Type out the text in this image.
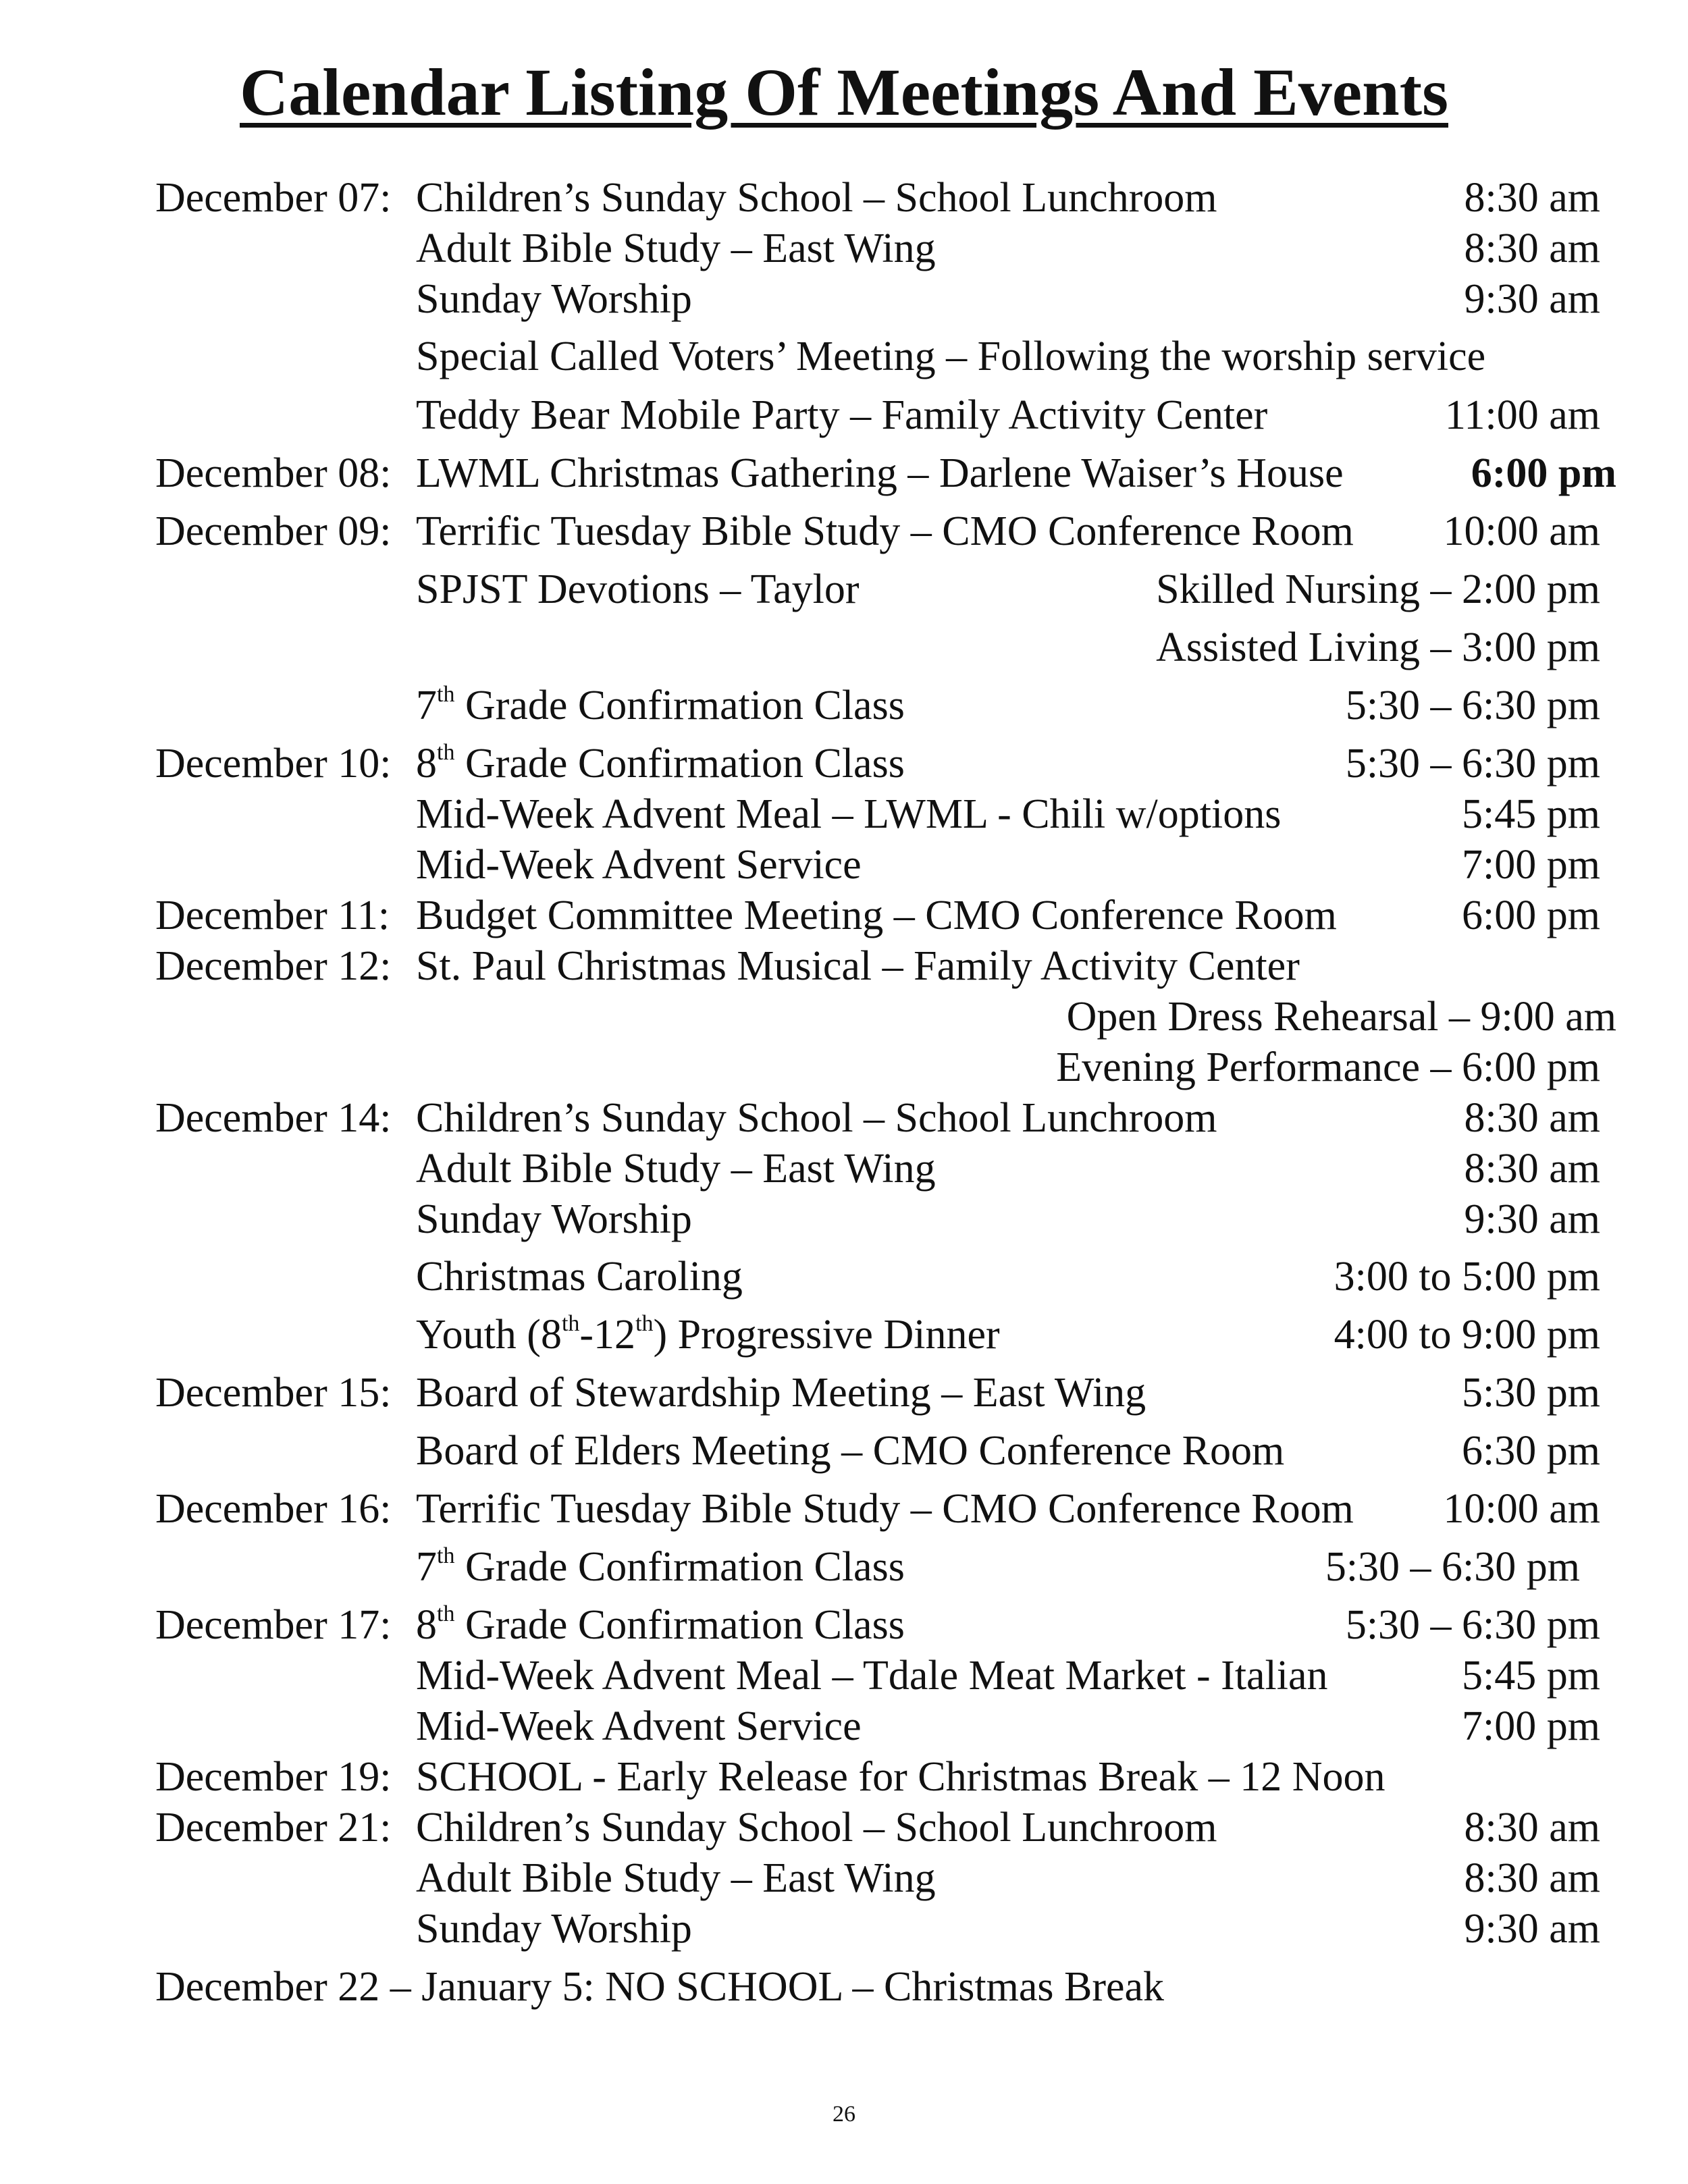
Calendar Listing Of Meetings And Events
December 07: Children’s Sunday School – School Lunchroom	8:30 am
Adult Bible Study – East Wing	8:30 am
Sunday Worship	9:30 am
Special Called Voters’ Meeting – Following the worship service
Teddy Bear Mobile Party – Family Activity Center	11:00 am
December 08: LWML Christmas Gathering – Darlene Waiser’s House	6:00 pm
December 09: Terrific Tuesday Bible Study – CMO Conference Room 10:00 am
SPJST Devotions – Taylor	Skilled Nursing – 2:00 pm
Assisted Living – 3:00 pm
7th Grade Confirmation Class	5:30 – 6:30 pm
December 10: 8th Grade Confirmation Class	5:30 – 6:30 pm
Mid-Week Advent Meal – LWML - Chili w/options	5:45 pm
Mid-Week Advent Service	7:00 pm
December 11: Budget Committee Meeting – CMO Conference Room	6:00 pm
December 12: St. Paul Christmas Musical – Family Activity Center
Open Dress Rehearsal – 9:00 am
Evening Performance – 6:00 pm
December 14: Children’s Sunday School – School Lunchroom	8:30 am
Adult Bible Study – East Wing	8:30 am
Sunday Worship	9:30 am
Christmas Caroling	3:00 to 5:00 pm
Youth (8th-12th) Progressive Dinner	4:00 to 9:00 pm
December 15: Board of Stewardship Meeting – East Wing	5:30 pm
Board of Elders Meeting – CMO Conference Room	6:30 pm
December 16: Terrific Tuesday Bible Study – CMO Conference Room 10:00 am
7th Grade Confirmation Class	5:30 – 6:30 pm
December 17: 8th Grade Confirmation Class	5:30 – 6:30 pm
Mid-Week Advent Meal – Tdale Meat Market - Italian	5:45 pm
Mid-Week Advent Service	7:00 pm
December 19: SCHOOL - Early Release for Christmas Break – 12 Noon
December 21: Children’s Sunday School – School Lunchroom	8:30 am
Adult Bible Study – East Wing	8:30 am
Sunday Worship	9:30 am
December 22 – January 5: NO SCHOOL – Christmas Break
26
